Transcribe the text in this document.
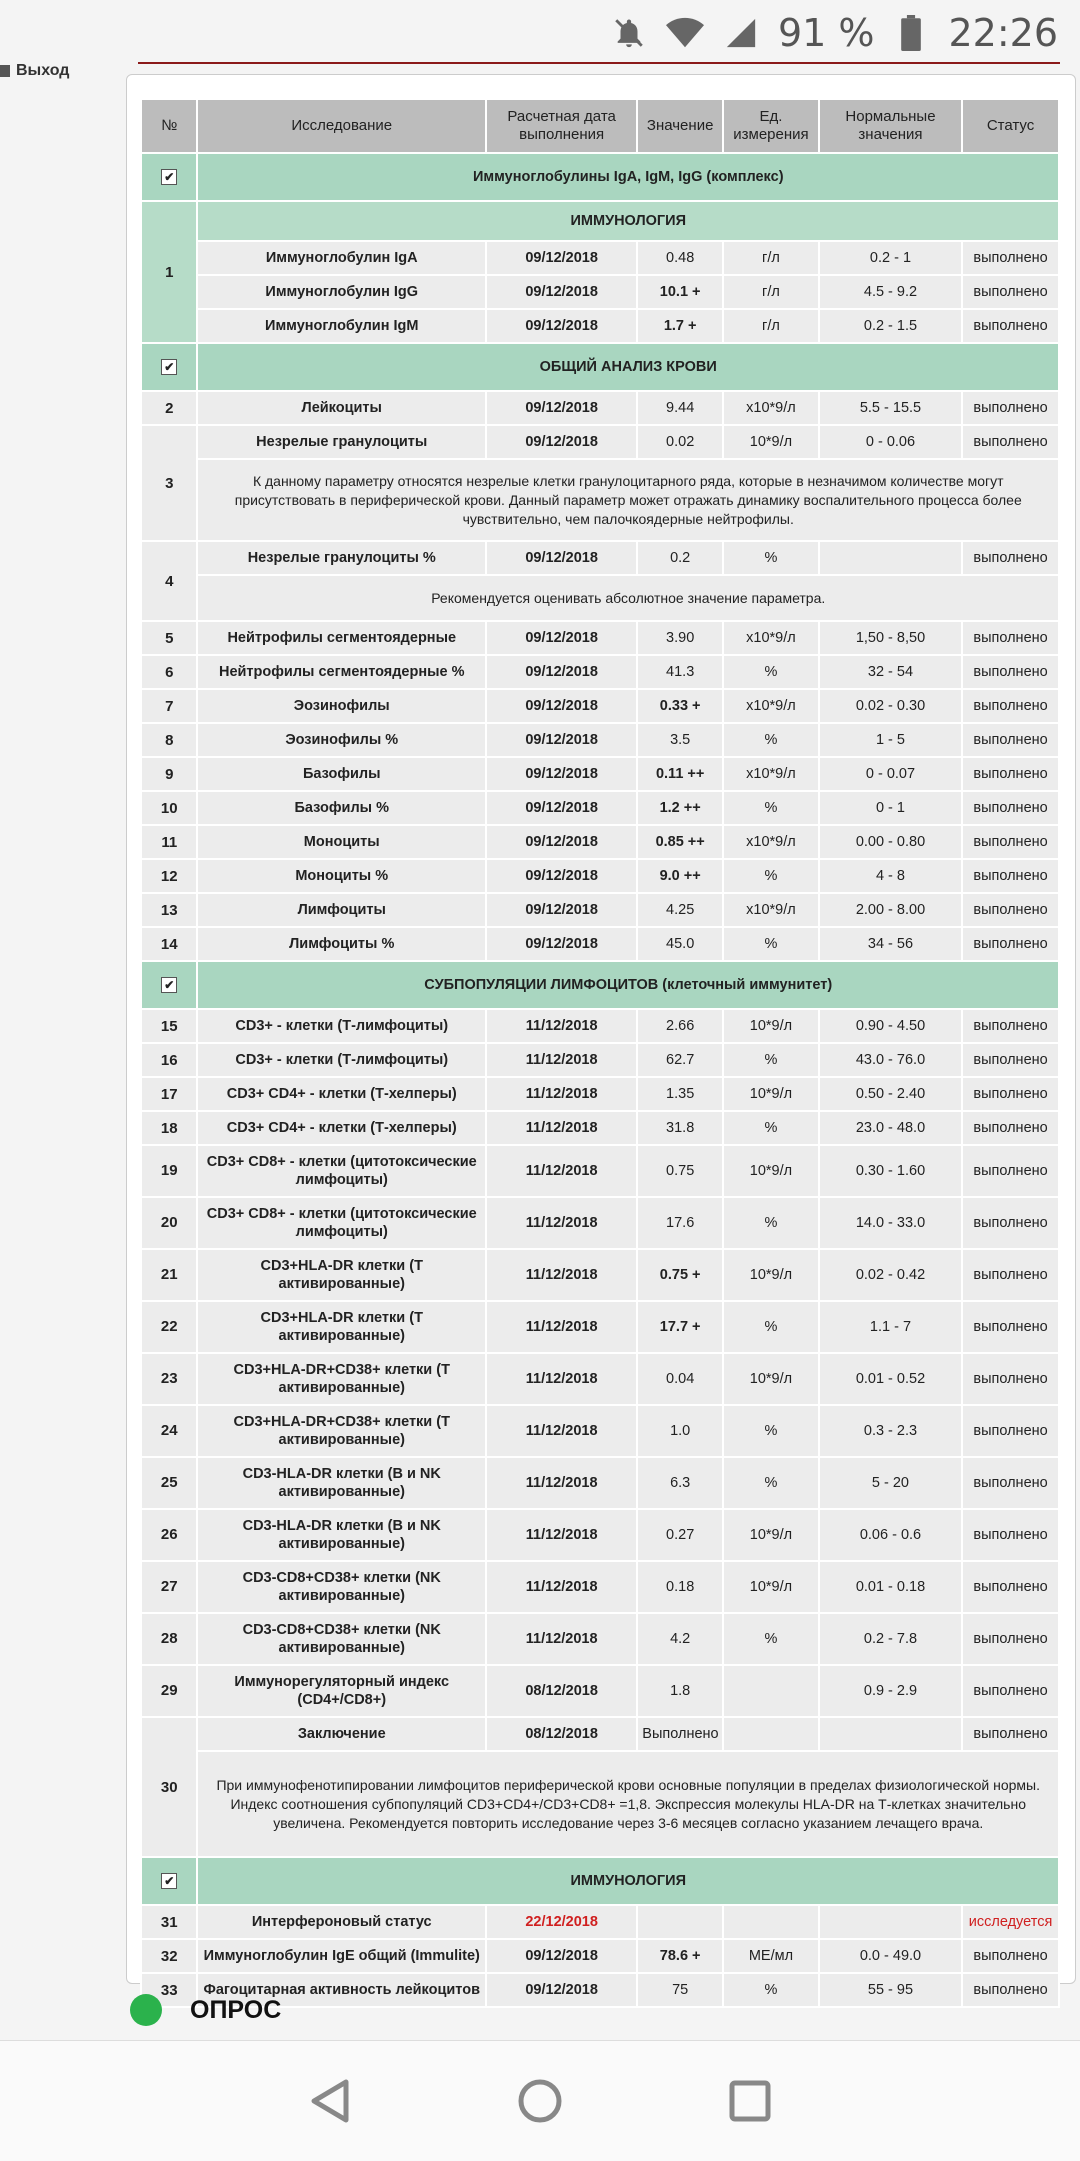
91 % 22:26
Выход
№	Исследование	Расчетная дата выполнения	Значение	Ед. измерения	Нормальные значения	Статус
✔	Иммуноглобулины IgA, IgM, IgG (комплекс)					
1	ИММУНОЛОГИЯ					
	Иммуноглобулин IgA	09/12/2018	0.48	г/л	0.2 - 1	выполнено
	Иммуноглобулин IgG	09/12/2018	10.1 +	г/л	4.5 - 9.2	выполнено
	Иммуноглобулин IgM	09/12/2018	1.7 +	г/л	0.2 - 1.5	выполнено
✔	ОБЩИЙ АНАЛИЗ КРОВИ					
2	Лейкоциты	09/12/2018	9.44	x10*9/л	5.5 - 15.5	выполнено
3	Незрелые гранулоциты	09/12/2018	0.02	10*9/л	0 - 0.06	выполнено
	К данному параметру относятся незрелые клетки гранулоцитарного ряда, которые в незначимом количестве могут присутствовать в периферической крови. Данный параметр может отражать динамику воспалительного процесса более чувствительно, чем палочкоядерные нейтрофилы.					
4	Незрелые гранулоциты %	09/12/2018	0.2	%		выполнено
	Рекомендуется оценивать абсолютное значение параметра.					
5	Нейтрофилы сегментоядерные	09/12/2018	3.90	x10*9/л	1,50 - 8,50	выполнено
6	Нейтрофилы сегментоядерные %	09/12/2018	41.3	%	32 - 54	выполнено
7	Эозинофилы	09/12/2018	0.33 +	x10*9/л	0.02 - 0.30	выполнено
8	Эозинофилы %	09/12/2018	3.5	%	1 - 5	выполнено
9	Базофилы	09/12/2018	0.11 ++	x10*9/л	0 - 0.07	выполнено
10	Базофилы %	09/12/2018	1.2 ++	%	0 - 1	выполнено
11	Моноциты	09/12/2018	0.85 ++	x10*9/л	0.00 - 0.80	выполнено
12	Моноциты %	09/12/2018	9.0 ++	%	4 - 8	выполнено
13	Лимфоциты	09/12/2018	4.25	x10*9/л	2.00 - 8.00	выполнено
14	Лимфоциты %	09/12/2018	45.0	%	34 - 56	выполнено
✔	СУБПОПУЛЯЦИИ ЛИМФОЦИТОВ (клеточный иммунитет)					
15	CD3+ - клетки (Т-лимфоциты)	11/12/2018	2.66	10*9/л	0.90 - 4.50	выполнено
16	CD3+ - клетки (Т-лимфоциты)	11/12/2018	62.7	%	43.0 - 76.0	выполнено
17	CD3+ CD4+ - клетки (Т-хелперы)	11/12/2018	1.35	10*9/л	0.50 - 2.40	выполнено
18	CD3+ CD4+ - клетки (Т-хелперы)	11/12/2018	31.8	%	23.0 - 48.0	выполнено
19	CD3+ CD8+ - клетки (цитотоксические лимфоциты)	11/12/2018	0.75	10*9/л	0.30 - 1.60	выполнено
20	CD3+ CD8+ - клетки (цитотоксические лимфоциты)	11/12/2018	17.6	%	14.0 - 33.0	выполнено
21	CD3+HLA-DR клетки (Т активированные)	11/12/2018	0.75 +	10*9/л	0.02 - 0.42	выполнено
22	CD3+HLA-DR клетки (Т активированные)	11/12/2018	17.7 +	%	1.1 - 7	выполнено
23	CD3+HLA-DR+CD38+ клетки (Т активированные)	11/12/2018	0.04	10*9/л	0.01 - 0.52	выполнено
24	CD3+HLA-DR+CD38+ клетки (Т активированные)	11/12/2018	1.0	%	0.3 - 2.3	выполнено
25	CD3-HLA-DR клетки (В и NK активированные)	11/12/2018	6.3	%	5 - 20	выполнено
26	CD3-HLA-DR клетки (В и NK активированные)	11/12/2018	0.27	10*9/л	0.06 - 0.6	выполнено
27	CD3-CD8+CD38+ клетки (NK активированные)	11/12/2018	0.18	10*9/л	0.01 - 0.18	выполнено
28	CD3-CD8+CD38+ клетки (NK активированные)	11/12/2018	4.2	%	0.2 - 7.8	выполнено
29	Иммунорегуляторный индекс (CD4+/CD8+)	08/12/2018	1.8		0.9 - 2.9	выполнено
30	Заключение	08/12/2018	Выполнено			выполнено
	При иммунофенотипировании лимфоцитов периферической крови основные популяции в пределах физиологической нормы. Индекс соотношения субпопуляций CD3+CD4+/CD3+CD8+ =1,8. Экспрессия молекулы HLA-DR на Т-клетках значительно увеличена. Рекомендуется повторить исследование через 3-6 месяцев согласно указанием лечащего врача.					
✔	ИММУНОЛОГИЯ					
31	Интерфероновый статус	22/12/2018				исследуется
32	Иммуноглобулин IgE общий (Immulite)	09/12/2018	78.6 +	МЕ/мл	0.0 - 49.0	выполнено
33	Фагоцитарная активность лейкоцитов	09/12/2018	75	%	55 - 95	выполнено
ОПРОС
